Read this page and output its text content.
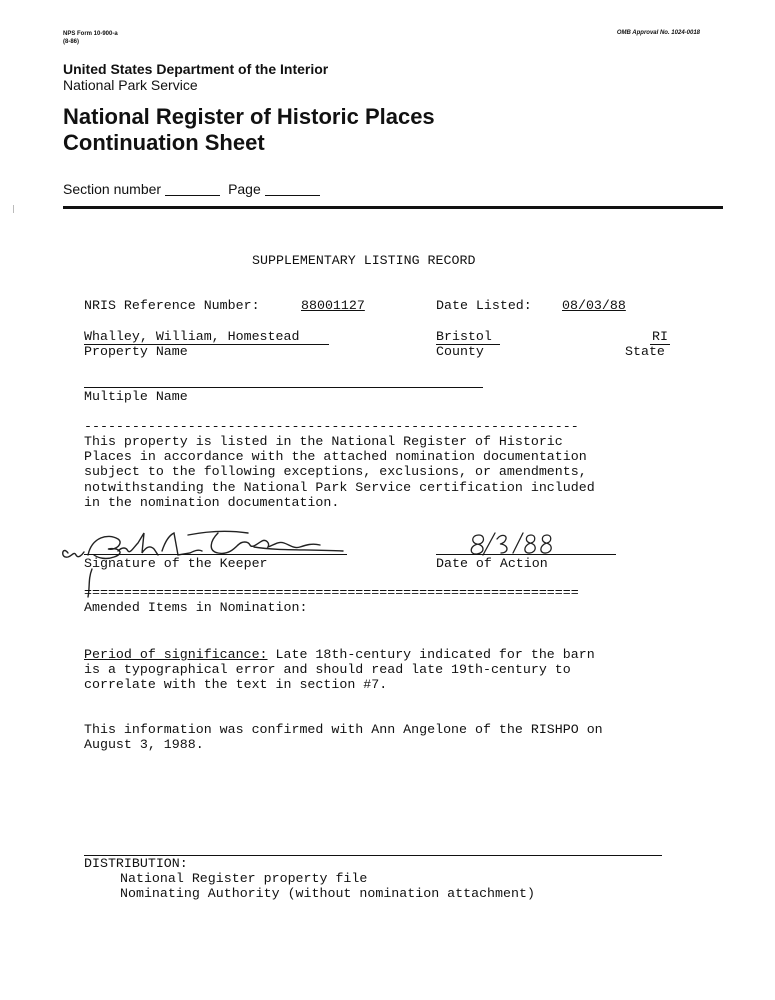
NPS Form 10-900-a
(8-86)
OMB Approval No. 1024-0018
United States Department of the Interior
National Park Service
National Register of Historic Places
Continuation Sheet
Section number	Page
SUPPLEMENTARY LISTING RECORD
NRIS Reference Number:	88001127	Date Listed: 08/03/88
Whalley, William, Homestead
Property Name
Bristol
County
RI
State
Multiple Name
--------------------------------------------------------------
This property is listed in the National Register of Historic
Places in accordance with the attached nomination documentation
subject to the following exceptions, exclusions, or amendments,
notwithstanding the National Park Service certification included
in the nomination documentation.
Signature of the Keeper	Date of Action
==============================================================
Amended Items in Nomination:
Period of significance: Late 18th-century indicated for the barn
is a typographical error and should read late 19th-century to
correlate with the text in section #7.
This information was confirmed with Ann Angelone of the RISHPO on
August 3, 1988.
DISTRIBUTION:
National Register property file
Nominating Authority (without nomination attachment)
